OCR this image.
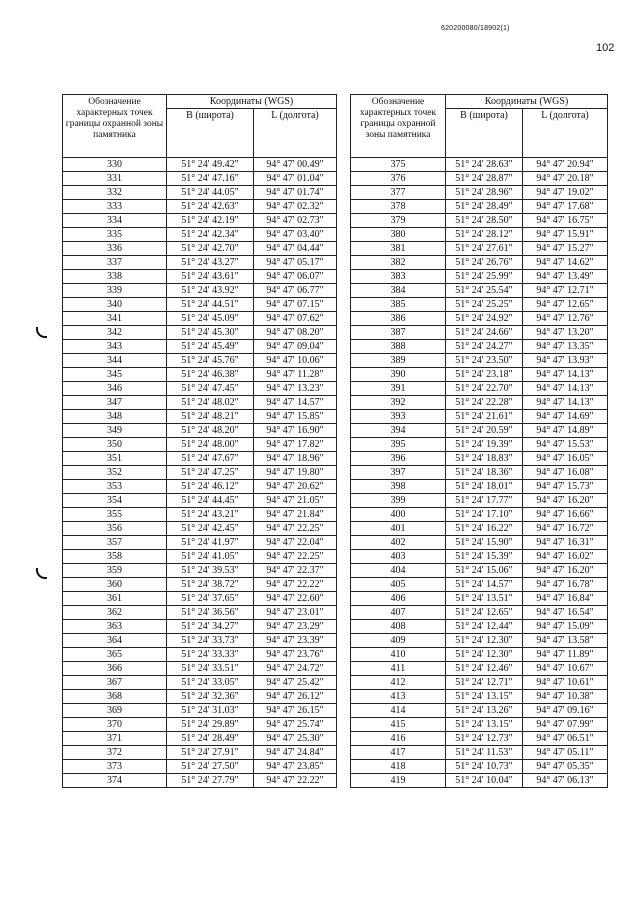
620200080/18902(1)
102
Обозначение характерных точек границы охранной зоны памятника	Координаты (WGS)	
	B (широта)	L (долгота)
330	51° 24' 49.42"	94° 47' 00.49"
331	51° 24' 47.16"	94° 47' 01.04"
332	51° 24' 44.05"	94° 47' 01.74"
333	51° 24' 42.63"	94° 47' 02.32"
334	51° 24' 42.19"	94° 47' 02.73"
335	51° 24' 42.34"	94° 47' 03.40"
336	51° 24' 42.70"	94° 47' 04.44"
337	51° 24' 43.27"	94° 47' 05.17"
338	51° 24' 43.61"	94° 47' 06.07"
339	51° 24' 43.92"	94° 47' 06.77"
340	51° 24' 44.51"	94° 47' 07.15"
341	51° 24' 45.09"	94° 47' 07.62"
342	51° 24' 45.30"	94° 47' 08.20"
343	51° 24' 45.49"	94° 47' 09.04"
344	51° 24' 45.76"	94° 47' 10.06"
345	51° 24' 46.38"	94° 47' 11.28"
346	51° 24' 47.45"	94° 47' 13.23"
347	51° 24' 48.02"	94° 47' 14.57"
348	51° 24' 48.21"	94° 47' 15.85"
349	51° 24' 48.20"	94° 47' 16.90"
350	51° 24' 48.00"	94° 47' 17.82"
351	51° 24' 47.67"	94° 47' 18.96"
352	51° 24' 47.25"	94° 47' 19.80"
353	51° 24' 46.12"	94° 47' 20.62"
354	51° 24' 44.45"	94° 47' 21.05"
355	51° 24' 43.21"	94° 47' 21.84"
356	51° 24' 42.45"	94° 47' 22.25"
357	51° 24' 41.97"	94° 47' 22.04"
358	51° 24' 41.05"	94° 47' 22.25"
359	51° 24' 39.53"	94° 47' 22.37"
360	51° 24' 38.72"	94° 47' 22.22"
361	51° 24' 37.65"	94° 47' 22.60"
362	51° 24' 36.56"	94° 47' 23.01"
363	51° 24' 34.27"	94° 47' 23.29"
364	51° 24' 33.73"	94° 47' 23.39"
365	51° 24' 33.33"	94° 47' 23.76"
366	51° 24' 33.51"	94° 47' 24.72"
367	51° 24' 33.05"	94° 47' 25.42"
368	51° 24' 32.36"	94° 47' 26.12"
369	51° 24' 31.03"	94° 47' 26.15"
370	51° 24' 29.89"	94° 47' 25.74"
371	51° 24' 28.49"	94° 47' 25.30"
372	51° 24' 27.91"	94° 47' 24.84"
373	51° 24' 27.50"	94° 47' 23.85"
374	51° 24' 27.79"	94° 47' 22.22"
Обозначение характерных точек границы охранной зоны памятника	Координаты (WGS)	
	B (широта)	L (долгота)
375	51° 24' 28.63"	94° 47' 20.94"
376	51° 24' 28.87"	94° 47' 20.18"
377	51° 24' 28.96"	94° 47' 19.02"
378	51° 24' 28.49"	94° 47' 17.68"
379	51° 24' 28.50"	94° 47' 16.75"
380	51° 24' 28.12"	94° 47' 15.91"
381	51° 24' 27.61"	94° 47' 15.27"
382	51° 24' 26.76"	94° 47' 14.62"
383	51° 24' 25.99"	94° 47' 13.49"
384	51° 24' 25.54"	94° 47' 12.71"
385	51° 24' 25.25"	94° 47' 12.65"
386	51° 24' 24.92"	94° 47' 12.76"
387	51° 24' 24.66"	94° 47' 13.20"
388	51° 24' 24.27"	94° 47' 13.35"
389	51° 24' 23.50"	94° 47' 13.93"
390	51° 24' 23.18"	94° 47' 14.13"
391	51° 24' 22.70"	94° 47' 14.13"
392	51° 24' 22.28"	94° 47' 14.13"
393	51° 24' 21.61"	94° 47' 14.69"
394	51° 24' 20.59"	94° 47' 14.89"
395	51° 24' 19.39"	94° 47' 15.53"
396	51° 24' 18.83"	94° 47' 16.05"
397	51° 24' 18.36"	94° 47' 16.08"
398	51° 24' 18.01"	94° 47' 15.73"
399	51° 24' 17.77"	94° 47' 16.20"
400	51° 24' 17.10"	94° 47' 16.66"
401	51° 24' 16.22"	94° 47' 16.72"
402	51° 24' 15.90"	94° 47' 16.31"
403	51° 24' 15.39"	94° 47' 16.02"
404	51° 24' 15.06"	94° 47' 16.20"
405	51° 24' 14.57"	94° 47' 16.78"
406	51° 24' 13.51"	94° 47' 16.84"
407	51° 24' 12.65"	94° 47' 16.54"
408	51° 24' 12.44"	94° 47' 15.09"
409	51° 24' 12.30"	94° 47' 13.58"
410	51° 24' 12.30"	94° 47' 11.89"
411	51° 24' 12.46"	94° 47' 10.67"
412	51° 24' 12.71"	94° 47' 10.61"
413	51° 24' 13.15"	94° 47' 10.38"
414	51° 24' 13.26"	94° 47' 09.16"
415	51° 24' 13.15"	94° 47' 07.99"
416	51° 24' 12.73"	94° 47' 06.51"
417	51° 24' 11.53"	94° 47' 05.11"
418	51° 24' 10.73"	94° 47' 05.35"
419	51° 24' 10.04"	94° 47' 06.13"
